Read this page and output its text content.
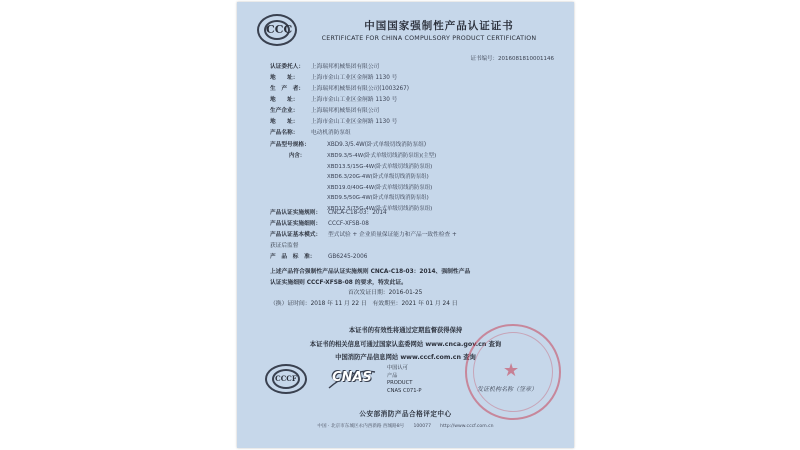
CCC	中国国家强制性产品认证证书
CERTIFICATE FOR CHINA COMPULSORY PRODUCT CERTIFICATION
证书编号：2016081810001146
认证委托人： 上海瑞邦机械集团有限公司
地　　址： 上海市金山工业区金舸路 1130 号
生　产　者： 上海瑞邦机械集团有限公司(1003267)
地　　址： 上海市金山工业区金舸路 1130 号
生产企业： 上海瑞邦机械集团有限公司
地　　址： 上海市金山工业区金舸路 1130 号
产品名称： 电动机消防泵组
产品型号规格：	XBD9.3/5.4W(卧式单级切线消防泵组)
内含：	XBD9.3/5-4W(卧式单级切线消防泵组)(主型)
XBD13.5/15G-4W(卧式单级切线消防泵组)
XBD6.3/20G-4W(卧式单级切线消防泵组)
XBD19.0/40G-4W(卧式单级切线消防泵组)
XBD9.5/50G-4W(卧式单级切线消防泵组)
XBD12.5/75G-4W(卧式单级切线消防泵组)
产品认证实施规则： CNCA-C18-03：2014
产品认证实施细则： CCCF-XFSB-08
产品认证基本模式： 型式试验 + 企业质量保证能力和产品一致性检查 +
获证后监督
产　品　标　准： GB6245-2006
上述产品符合强制性产品认证实施规则 CNCA-C18-03：2014、强制性产品
认证实施细则 CCCF-XFSB-08 的要求，特发此证。
首次发证日期：2016-01-25
（换）证时间：2018 年 11 月 22 日　有效期至：2021 年 01 月 24 日
本证书的有效性将通过定期监督获得保持
本证书的相关信息可通过国家认监委网站 www.cnca.gov.cn 查询
中国消防产品信息网站 www.cccf.com.cn 查询
★
CCCF	CNAS
中国认可
产品
PRODUCT
CNAS C071-P	发证机构名称（签章）
公安部消防产品合格评定中心
中国 · 北京市东城区永内西新路 西城路8号　　100077　　http://www.cccf.com.cn
